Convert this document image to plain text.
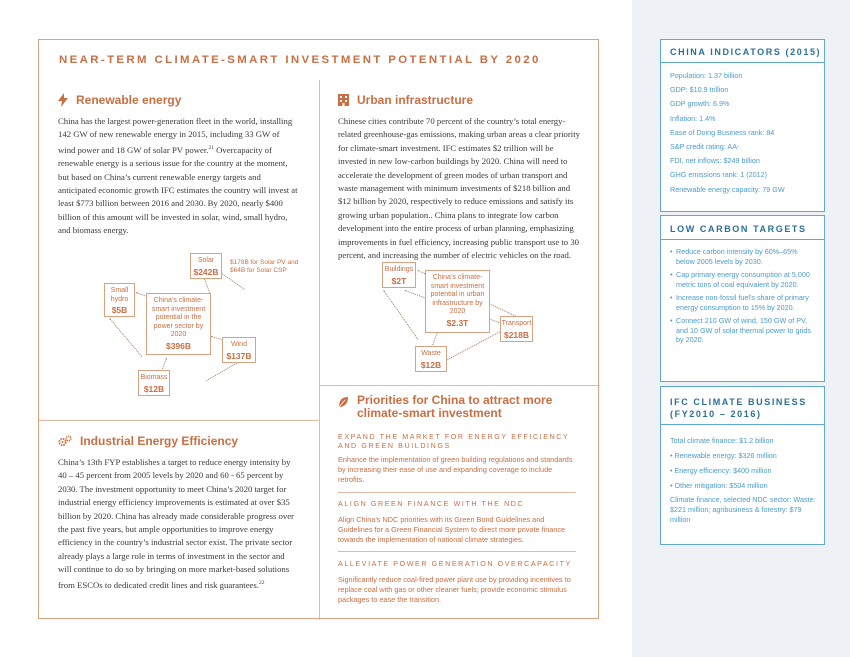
NEAR-TERM CLIMATE-SMART INVESTMENT POTENTIAL BY 2020
Renewable energy
China has the largest power-generation fleet in the world, installing 142 GW of new renewable energy in 2015, including 33 GW of wind power and 18 GW of solar PV power.$^{21}$ Overcapacity of renewable energy is a serious issue for the country at the moment, but based on China’s current renewable energy targets and anticipated economic growth IFC estimates the country will invest at least $773 billion between 2016 and 2030. By 2020, nearly $400 billion of this amount will be invested in solar, wind, small hydro, and biomass energy.
Solar
$242B
$178B for Solar PV and $64B for Solar CSP
Small hydro
$5B
China’s climate-smart investment potential in the power sector by 2020
$396B	Wind
$137B
Biomass
$12B
Industrial Energy Efficiency
China’s 13th FYP establishes a target to reduce energy intensity by 40 – 45 percent from 2005 levels by 2020 and 60 - 65 percent by 2030. The investment opportunity to meet China’s 2020 target for industrial energy efficiency improvements is estimated at over $35 billion by 2020. China has already made considerable progress over the past five years, but ample opportunities to improve energy efficiency in the country’s industrial sector exist. The private sector already plays a large role in terms of investment in the sector and will continue to do so by bringing on more market-based solutions from ESCOs to dedicated credit lines and risk guarantees.$^{22}$
Urban infrastructure
Chinese cities contribute 70 percent of the country’s total energy-related greenhouse-gas emissions, making urban areas a clear priority for climate-smart investment. IFC estimates $2 trillion will be invested in new low-carbon buildings by 2020. China will need to accelerate the development of green modes of urban transport and waste management with minimum investments of $218 billion and $12 billion by 2020, respectively to reduce emissions and satisfy its growing urban population.. China plans to integrate low carbon development into the entire process of urban planning, emphasizing improvements in fuel efficiency, increasing public transport use to 30 percent, and increasing the number of electric vehicles on the road.
Buildings
$2T	China’s climate-smart investment potential in urban infrastructure by 2020
$2.3T	Transport
$218B
Waste
$12B
Priorities for China to attract more
climate-smart investment
EXPAND THE MARKET FOR ENERGY EFFICIENCY
AND GREEN BUILDINGS
Enhance the implementation of green building regulations and standards by increasing their ease of use and expanding coverage to include retrofits.
ALIGN GREEN FINANCE WITH THE NDC
Align China’s NDC priorities with its Green Bond Guidelines and Guidelines for a Green Financial System to direct more private finance towards the implementation of national climate strategies.
ALLEVIATE POWER GENERATION OVERCAPACITY
Significantly reduce coal-fired power plant use by providing incentives to replace coal with gas or other cleaner fuels; provide economic stimulus packages to ease the transition.
CHINA INDICATORS (2015)
Population: 1.37 billion
GDP: $10.9 trillion
GDP growth: 6.9%
Inflation: 1.4%
Ease of Doing Business rank: 84
S&P credit rating: AA-
FDI, net inflows: $249 billion
GHG emissions rank: 1 (2012)
Renewable energy capacity: 79 GW
LOW CARBON TARGETS
• Reduce carbon intensity by 60%–65% below 2005 levels by 2030.
• Cap primary energy consumption at 5,000 metric tons of coal equivalent by 2020.
• Increase non-fossil fuel’s share of primary energy consumption to 15% by 2020.
• Connect 210 GW of wind, 150 GW of PV, and 10 GW of solar thermal power to grids by 2020.
IFC CLIMATE BUSINESS
(FY2010 – 2016)
Total climate finance: $1.2 billion
• Renewable energy: $326 million
• Energy efficiency: $400 million
• Other mitigation: $504 million
Climate finance, selected NDC sector: Waste: $221 million; agribusiness & forestry: $79 million
